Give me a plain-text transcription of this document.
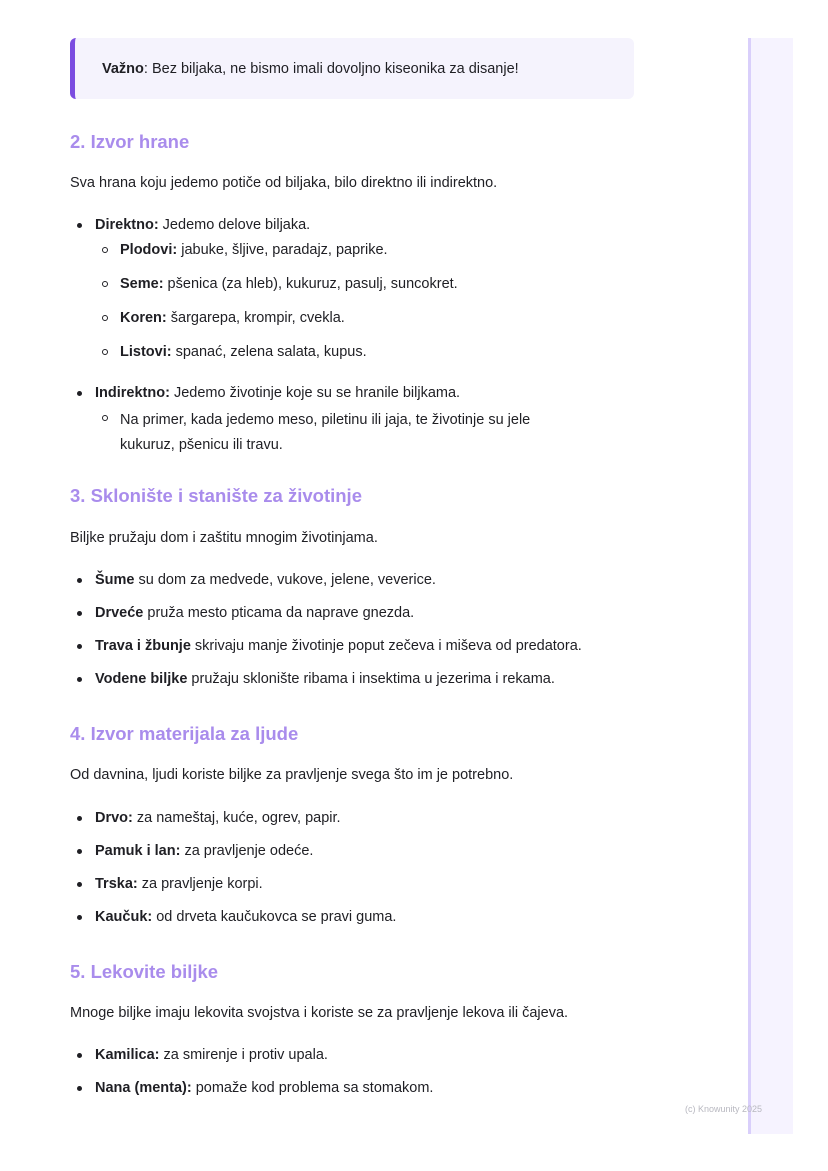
Važno: Bez biljaka, ne bismo imali dovoljno kiseonika za disanje!
2. Izvor hrane

Sva hrana koju jedemo potiče od biljaka, bilo direktno ili indirektno.

Direktno: Jedemo delove biljaka.
Plodovi: jabuke, šljive, paradajz, paprike.
Seme: pšenica (za hleb), kukuruz, pasulj, suncokret.
Koren: šargarepa, krompir, cvekla.
Listovi: spanać, zelena salata, kupus.
Indirektno: Jedemo životinje koje su se hranile biljkama.
Na primer, kada jedemo meso, piletinu ili jaja, te životinje su jele
kukuruz, pšenicu ili travu.
3. Sklonište i stanište za životinje

Biljke pružaju dom i zaštitu mnogim životinjama.

Šume su dom za medvede, vukove, jelene, veverice.
Drveće pruža mesto pticama da naprave gnezda.
Trava i žbunje skrivaju manje životinje poput zečeva i miševa od predatora.
Vodene biljke pružaju sklonište ribama i insektima u jezerima i rekama.
4. Izvor materijala za ljude

Od davnina, ljudi koriste biljke za pravljenje svega što im je potrebno.

Drvo: za nameštaj, kuće, ogrev, papir.
Pamuk i lan: za pravljenje odeće.
Trska: za pravljenje korpi.
Kaučuk: od drveta kaučukovca se pravi guma.
5. Lekovite biljke

Mnoge biljke imaju lekovita svojstva i koriste se za pravljenje lekova ili čajeva.

Kamilica: za smirenje i protiv upala.
Nana (menta): pomaže kod problema sa stomakom.
(c) Knowunity 2025
